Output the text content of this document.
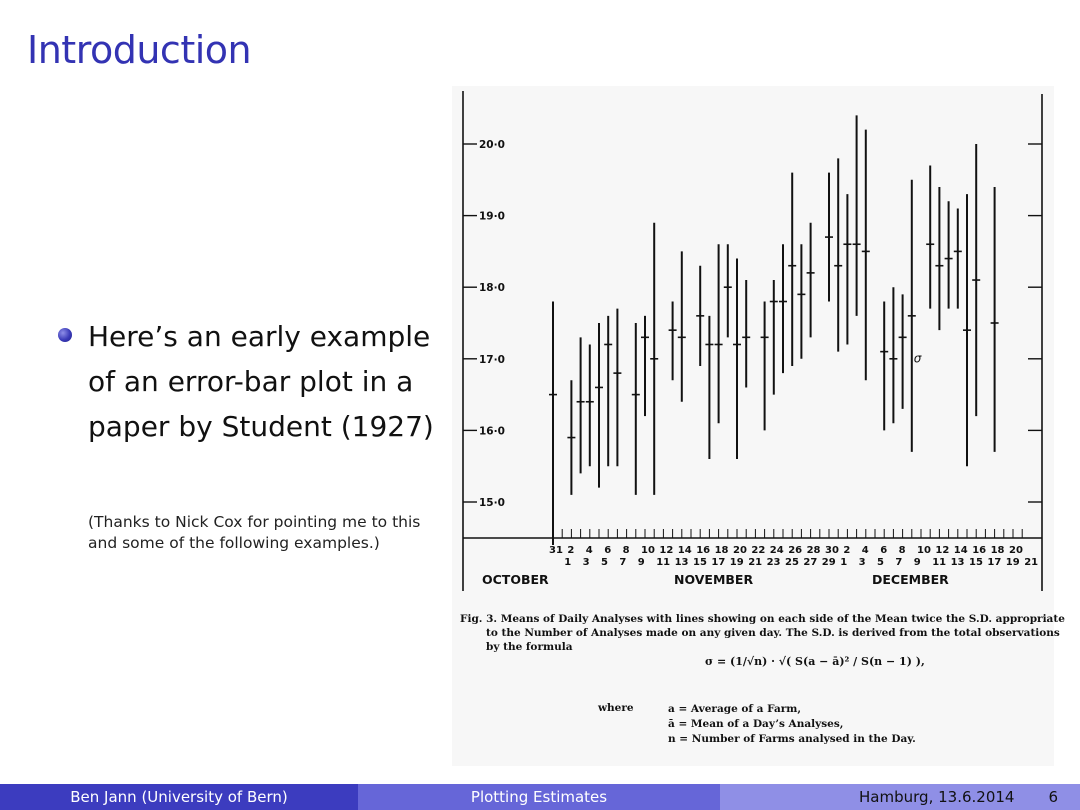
Introduction
Here’s an early example of an error-bar plot in a paper by Student (1927)
(Thanks to Nick Cox for pointing me to this and some of the following examples.)
20·0
19·0
18·0
17·0
16·0
15·0
31 2 4 6 8 10 12 14 16 18 20 22 24 26 28 30 2 4 6 8 10 12 14 16 18 20
1 3 5 7 9 11 13 15 17 19 21 23 25 27 29 1 3 5 7 9 11 13 15 17 19 21
OCTOBER	NOVEMBER	DECEMBER
σ
Fig. 3. Means of Daily Analyses with lines showing on each side of the Mean twice the S.D. appropriate
to the Number of Analyses made on any given day. The S.D. is derived from the total observations
by the formula
σ = (1/√n) · √( S(a − ā)² / S(n − 1) ),
where	a = Average of a Farm,
ā = Mean of a Day’s Analyses,
n = Number of Farms analysed in the Day.
Ben Jann (University of Bern)	Plotting Estimates	Hamburg, 13.6.2014 6
